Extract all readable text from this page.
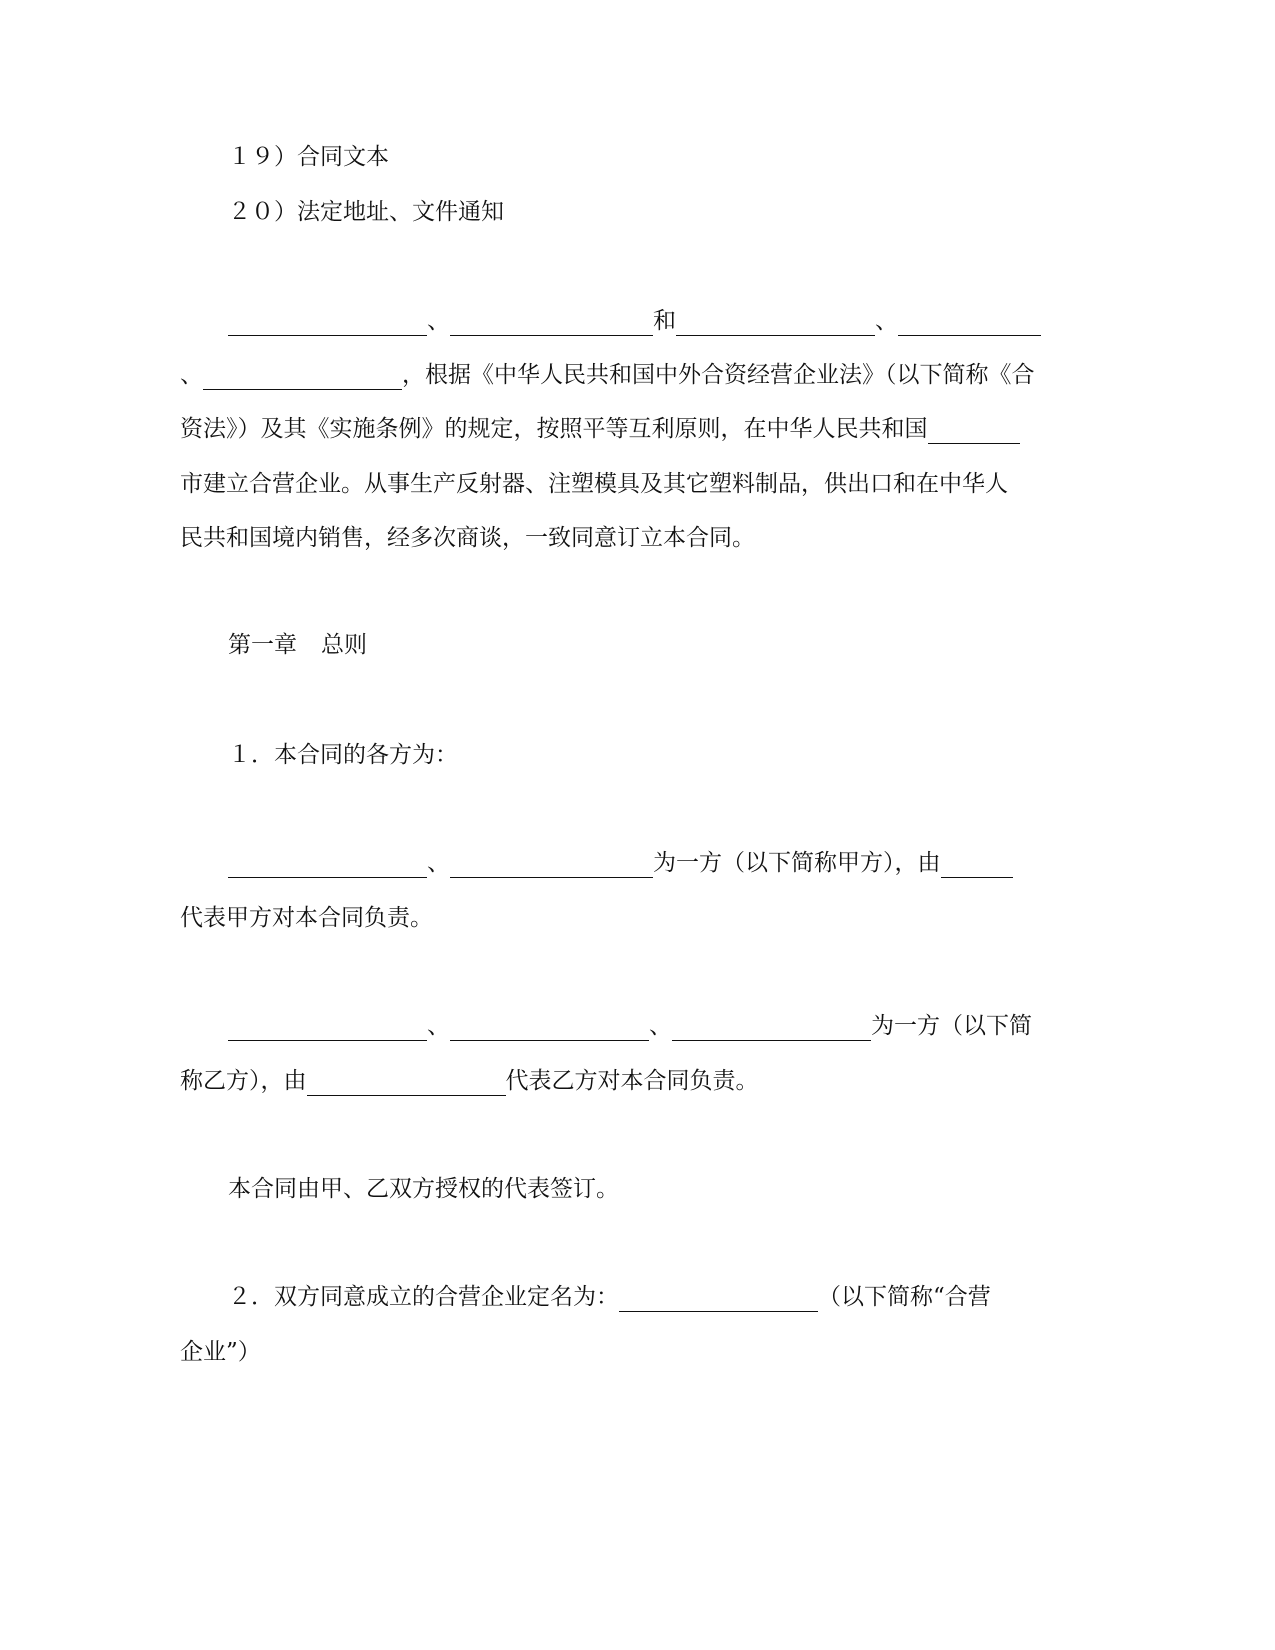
１９）合同文本
２０）法定地址、文件通知
、	和	、
、	，根据《中华人民共和国中外合资经营企业法》（以下简称《合
资法》）及其《实施条例》的规定，按照平等互利原则，在中华人民共和国
市建立合营企业。从事生产反射器、注塑模具及其它塑料制品，供出口和在中华人
民共和国境内销售，经多次商谈，一致同意订立本合同。
第一章 总则
１．本合同的各方为：
、	为一方（以下简称甲方），由
代表甲方对本合同负责。
、	、	为一方（以下简
称乙方），由	代表乙方对本合同负责。
本合同由甲、乙双方授权的代表签订。
２．双方同意成立的合营企业定名为：	（以下简称“合营
企业”）
